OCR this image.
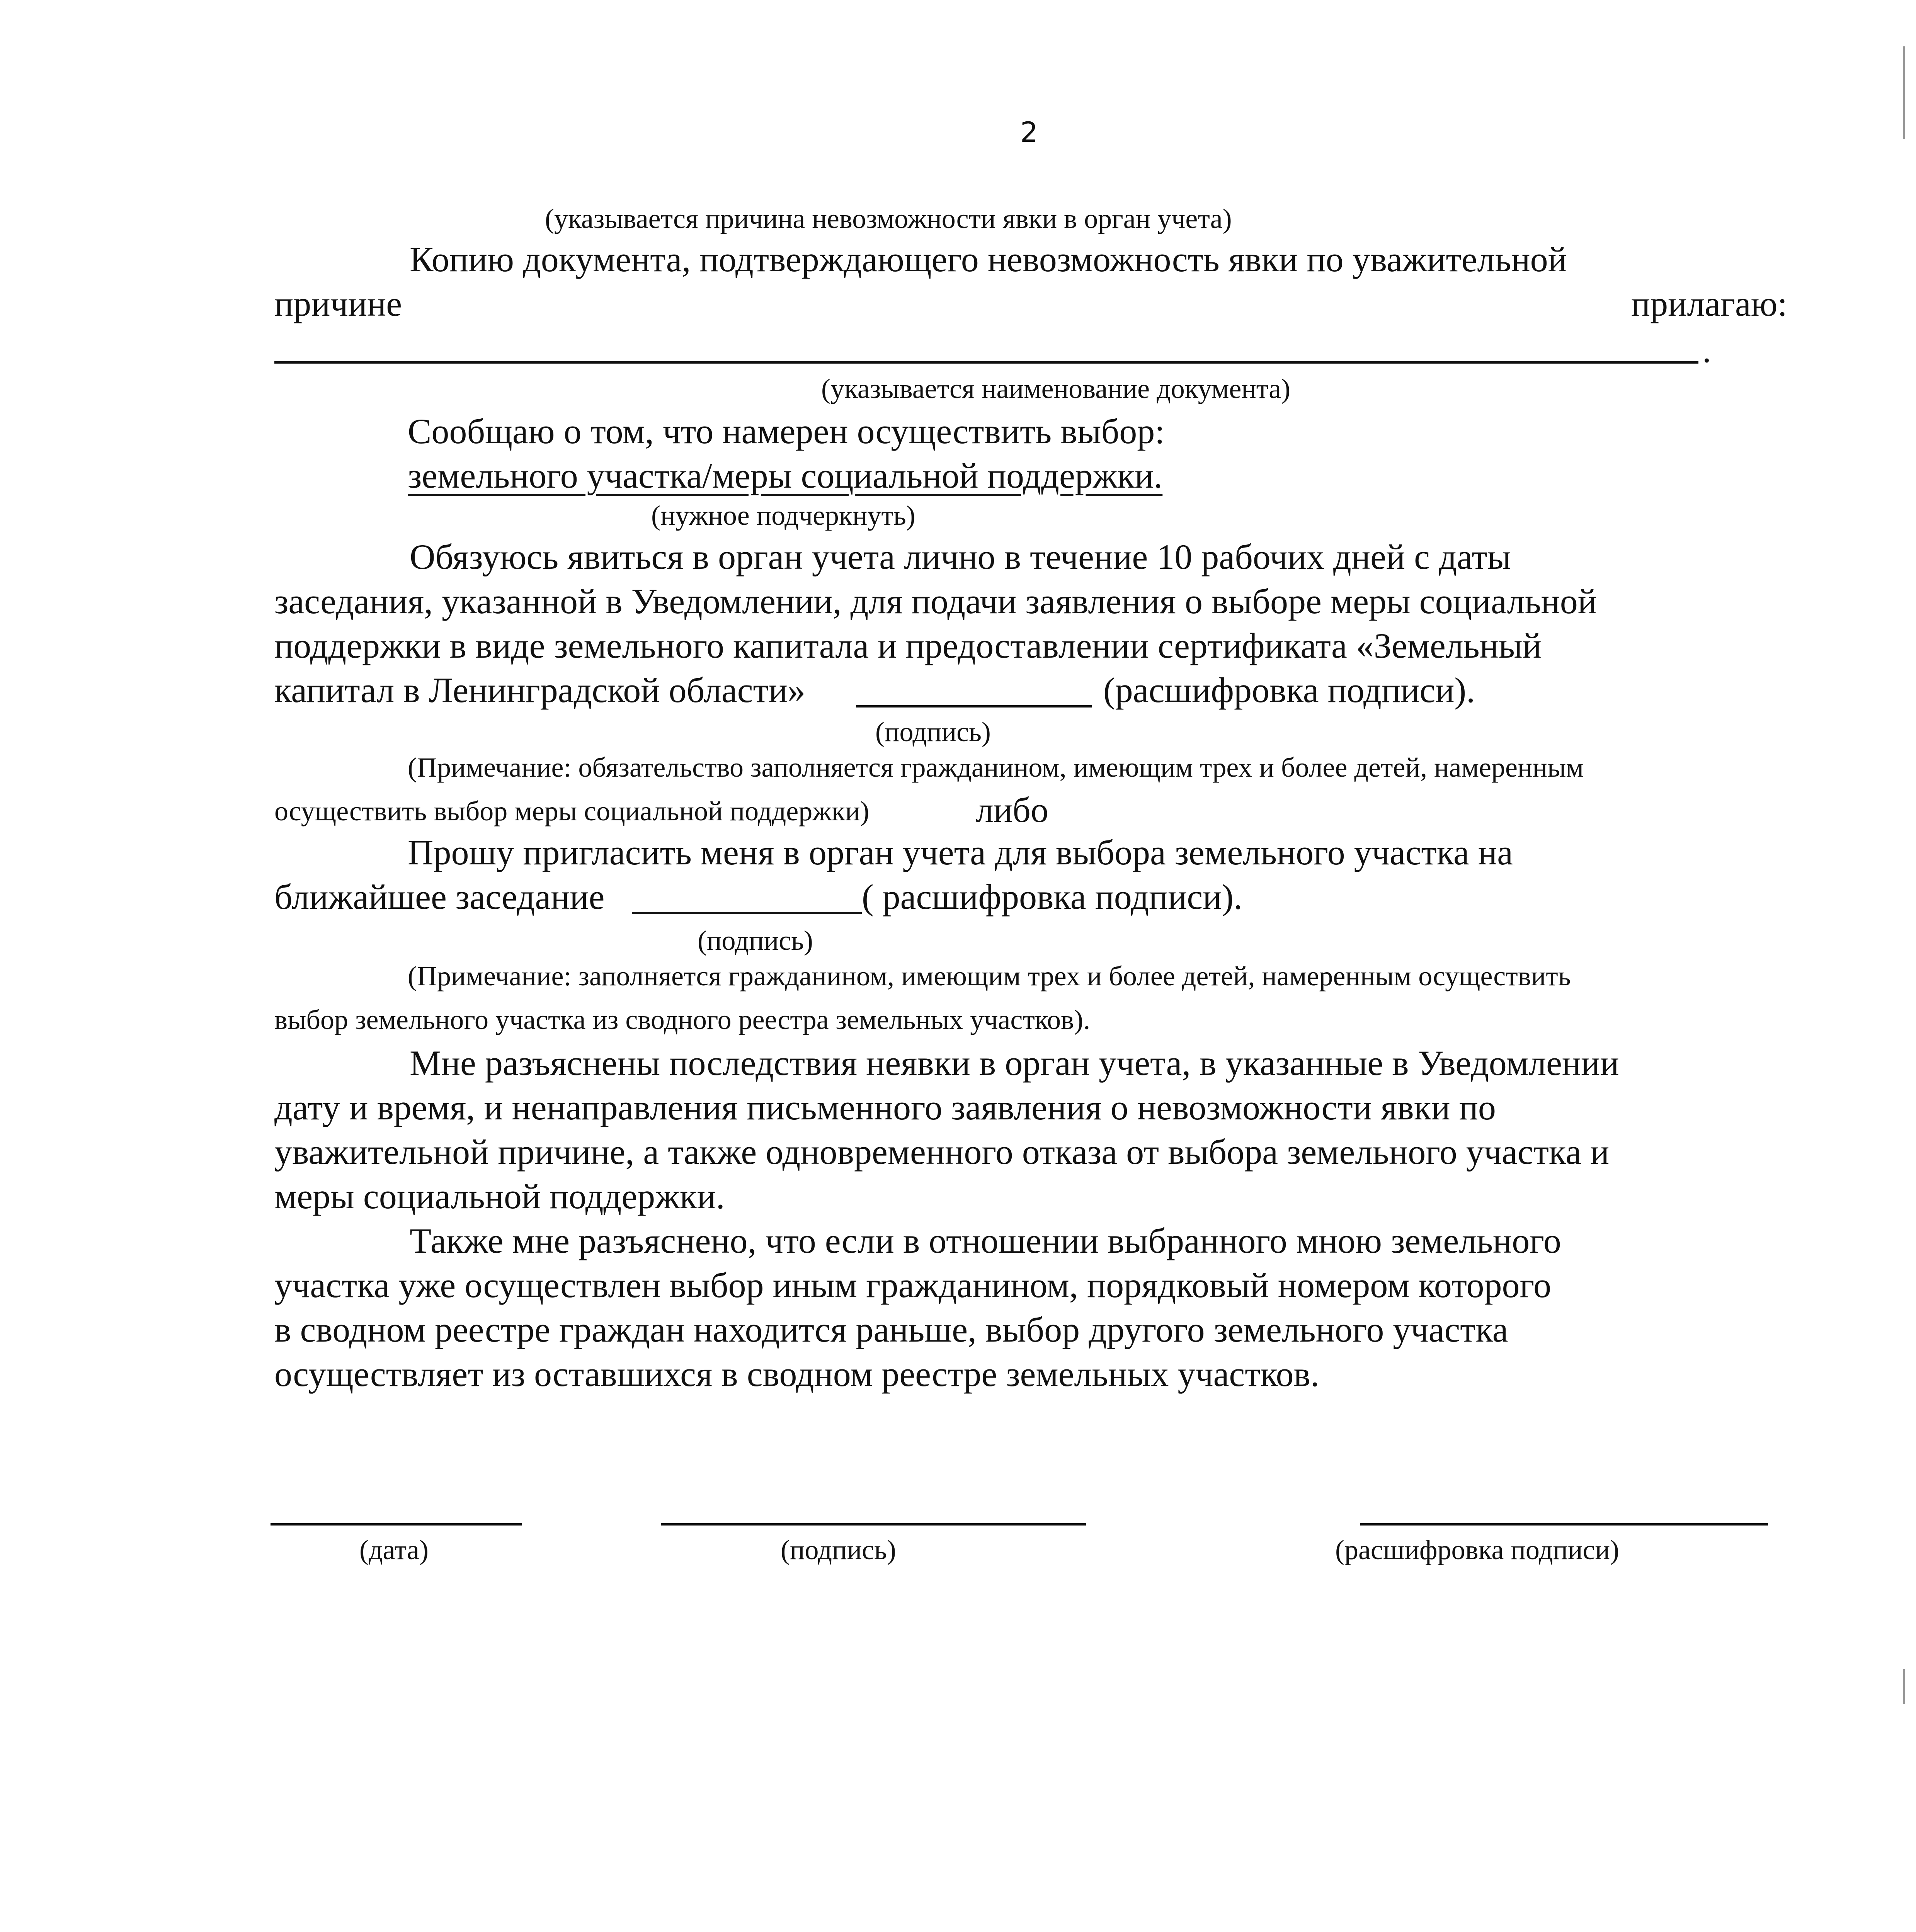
2
(указывается причина невозможности явки в орган учета)
Копию документа, подтверждающего невозможность явки по уважительной
причине	прилагаю:
.
(указывается наименование документа)
Сообщаю о том, что намерен осуществить выбор:
земельного участка/меры социальной поддержки.
(нужное подчеркнуть)
Обязуюсь явиться в орган учета лично в течение 10 рабочих дней с даты
заседания, указанной в Уведомлении, для подачи заявления о выборе меры социальной
поддержки в виде земельного капитала и предоставлении сертификата «Земельный
капитал в Ленинградской области»	(расшифровка подписи).
(подпись)
(Примечание: обязательство заполняется гражданином, имеющим трех и более детей, намеренным
осуществить выбор меры социальной поддержки)	либо
Прошу пригласить меня в орган учета для выбора земельного участка на
ближайшее заседание	( расшифровка подписи).
(подпись)
(Примечание: заполняется гражданином, имеющим трех и более детей, намеренным осуществить
выбор земельного участка из сводного реестра земельных участков).
Мне разъяснены последствия неявки в орган учета, в указанные в Уведомлении
дату и время, и ненаправления письменного заявления о невозможности явки по
уважительной причине, а также одновременного отказа от выбора земельного участка и
меры социальной поддержки.
Также мне разъяснено, что если в отношении выбранного мною земельного
участка уже осуществлен выбор иным гражданином, порядковый номером которого
в сводном реестре граждан находится раньше, выбор другого земельного участка
осуществляет из оставшихся в сводном реестре земельных участков.
(дата)	(подпись)	(расшифровка подписи)
